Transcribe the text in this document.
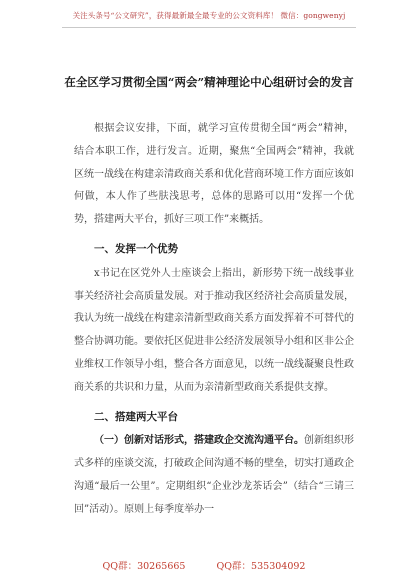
关注头条号“公文研究”，获得最新最全最专业的公文资料库！ 微信：gongwenyj
在全区学习贯彻全国“两会”精神理论中心组研讨会的发言

根据会议安排，下面，就学习宣传贯彻全国“两会”精神，结合本职工作，进行发言。近期，聚焦“全国两会”精神，我就区统一战线在构建亲清政商关系和优化营商环境工作方面应该如何做，本人作了些肤浅思考，总体的思路可以用“发挥一个优势，搭建两大平台，抓好三项工作”来概括。

一、发挥一个优势

x书记在区党外人士座谈会上指出，新形势下统一战线事业事关经济社会高质量发展。对于推动我区经济社会高质量发展，我认为统一战线在构建亲清新型政商关系方面发挥着不可替代的整合协调功能。要依托区促进非公经济发展领导小组和区非公企业维权工作领导小组，整合各方面意见，以统一战线凝聚良性政商关系的共识和力量，从而为亲清新型政商关系提供支撑。

二、搭建两大平台

（一）创新对话形式，搭建政企交流沟通平台。创新组织形式多样的座谈交流，打破政企间沟通不畅的壁垒，切实打通政企沟通“最后一公里”。定期组织“企业沙龙茶话会”（结合“三请三回”活动）。原则上每季度举办一

QQ群：30265665	QQ群：535304092
